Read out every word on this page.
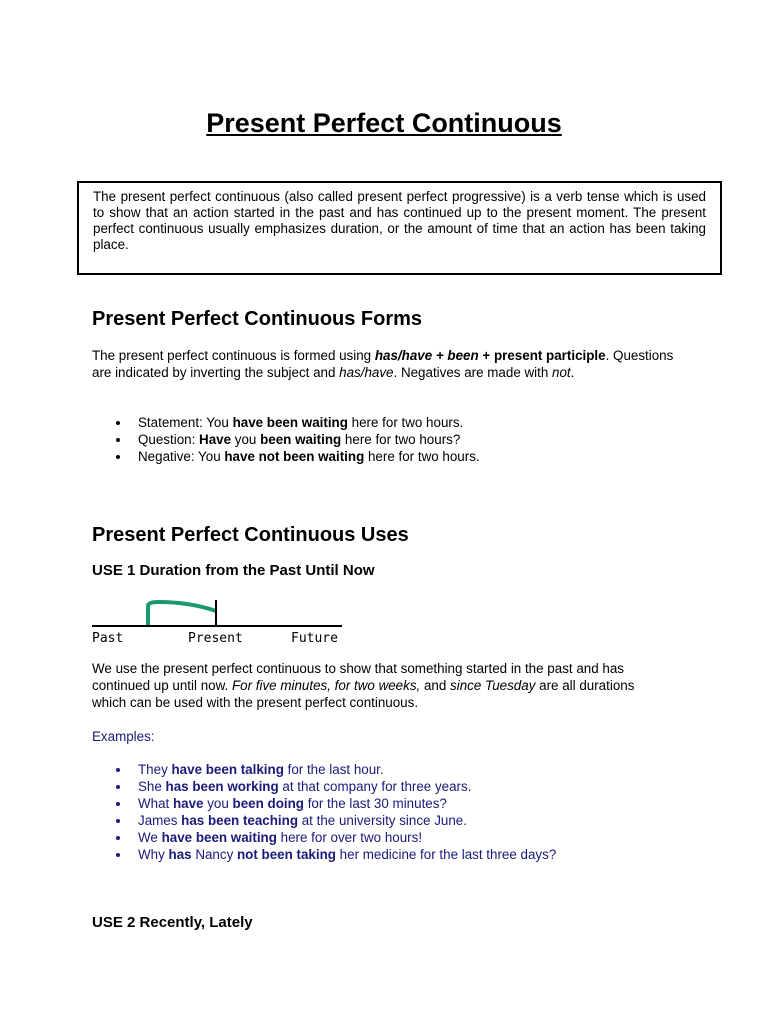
Present Perfect Continuous

The present perfect continuous (also called present perfect progressive) is a verb tense which is used to show that an action started in the past and has continued up to the present moment. The present perfect continuous usually emphasizes duration, or the amount of time that an action has been taking place.

Present Perfect Continuous Forms

The present perfect continuous is formed using has/have + been + present participle. Questions are indicated by inverting the subject and has/have. Negatives are made with not.

Statement: You have been waiting here for two hours.
Question: Have you been waiting here for two hours?
Negative: You have not been waiting here for two hours.
Present Perfect Continuous Uses
USE 1 Duration from the Past Until Now
Past	Present	Future

We use the present perfect continuous to show that something started in the past and has continued up until now. For five minutes, for two weeks, and since Tuesday are all durations which can be used with the present perfect continuous.

Examples:

They have been talking for the last hour.
She has been working at that company for three years.
What have you been doing for the last 30 minutes?
James has been teaching at the university since June.
We have been waiting here for over two hours!
Why has Nancy not been taking her medicine for the last three days?
USE 2 Recently, Lately
